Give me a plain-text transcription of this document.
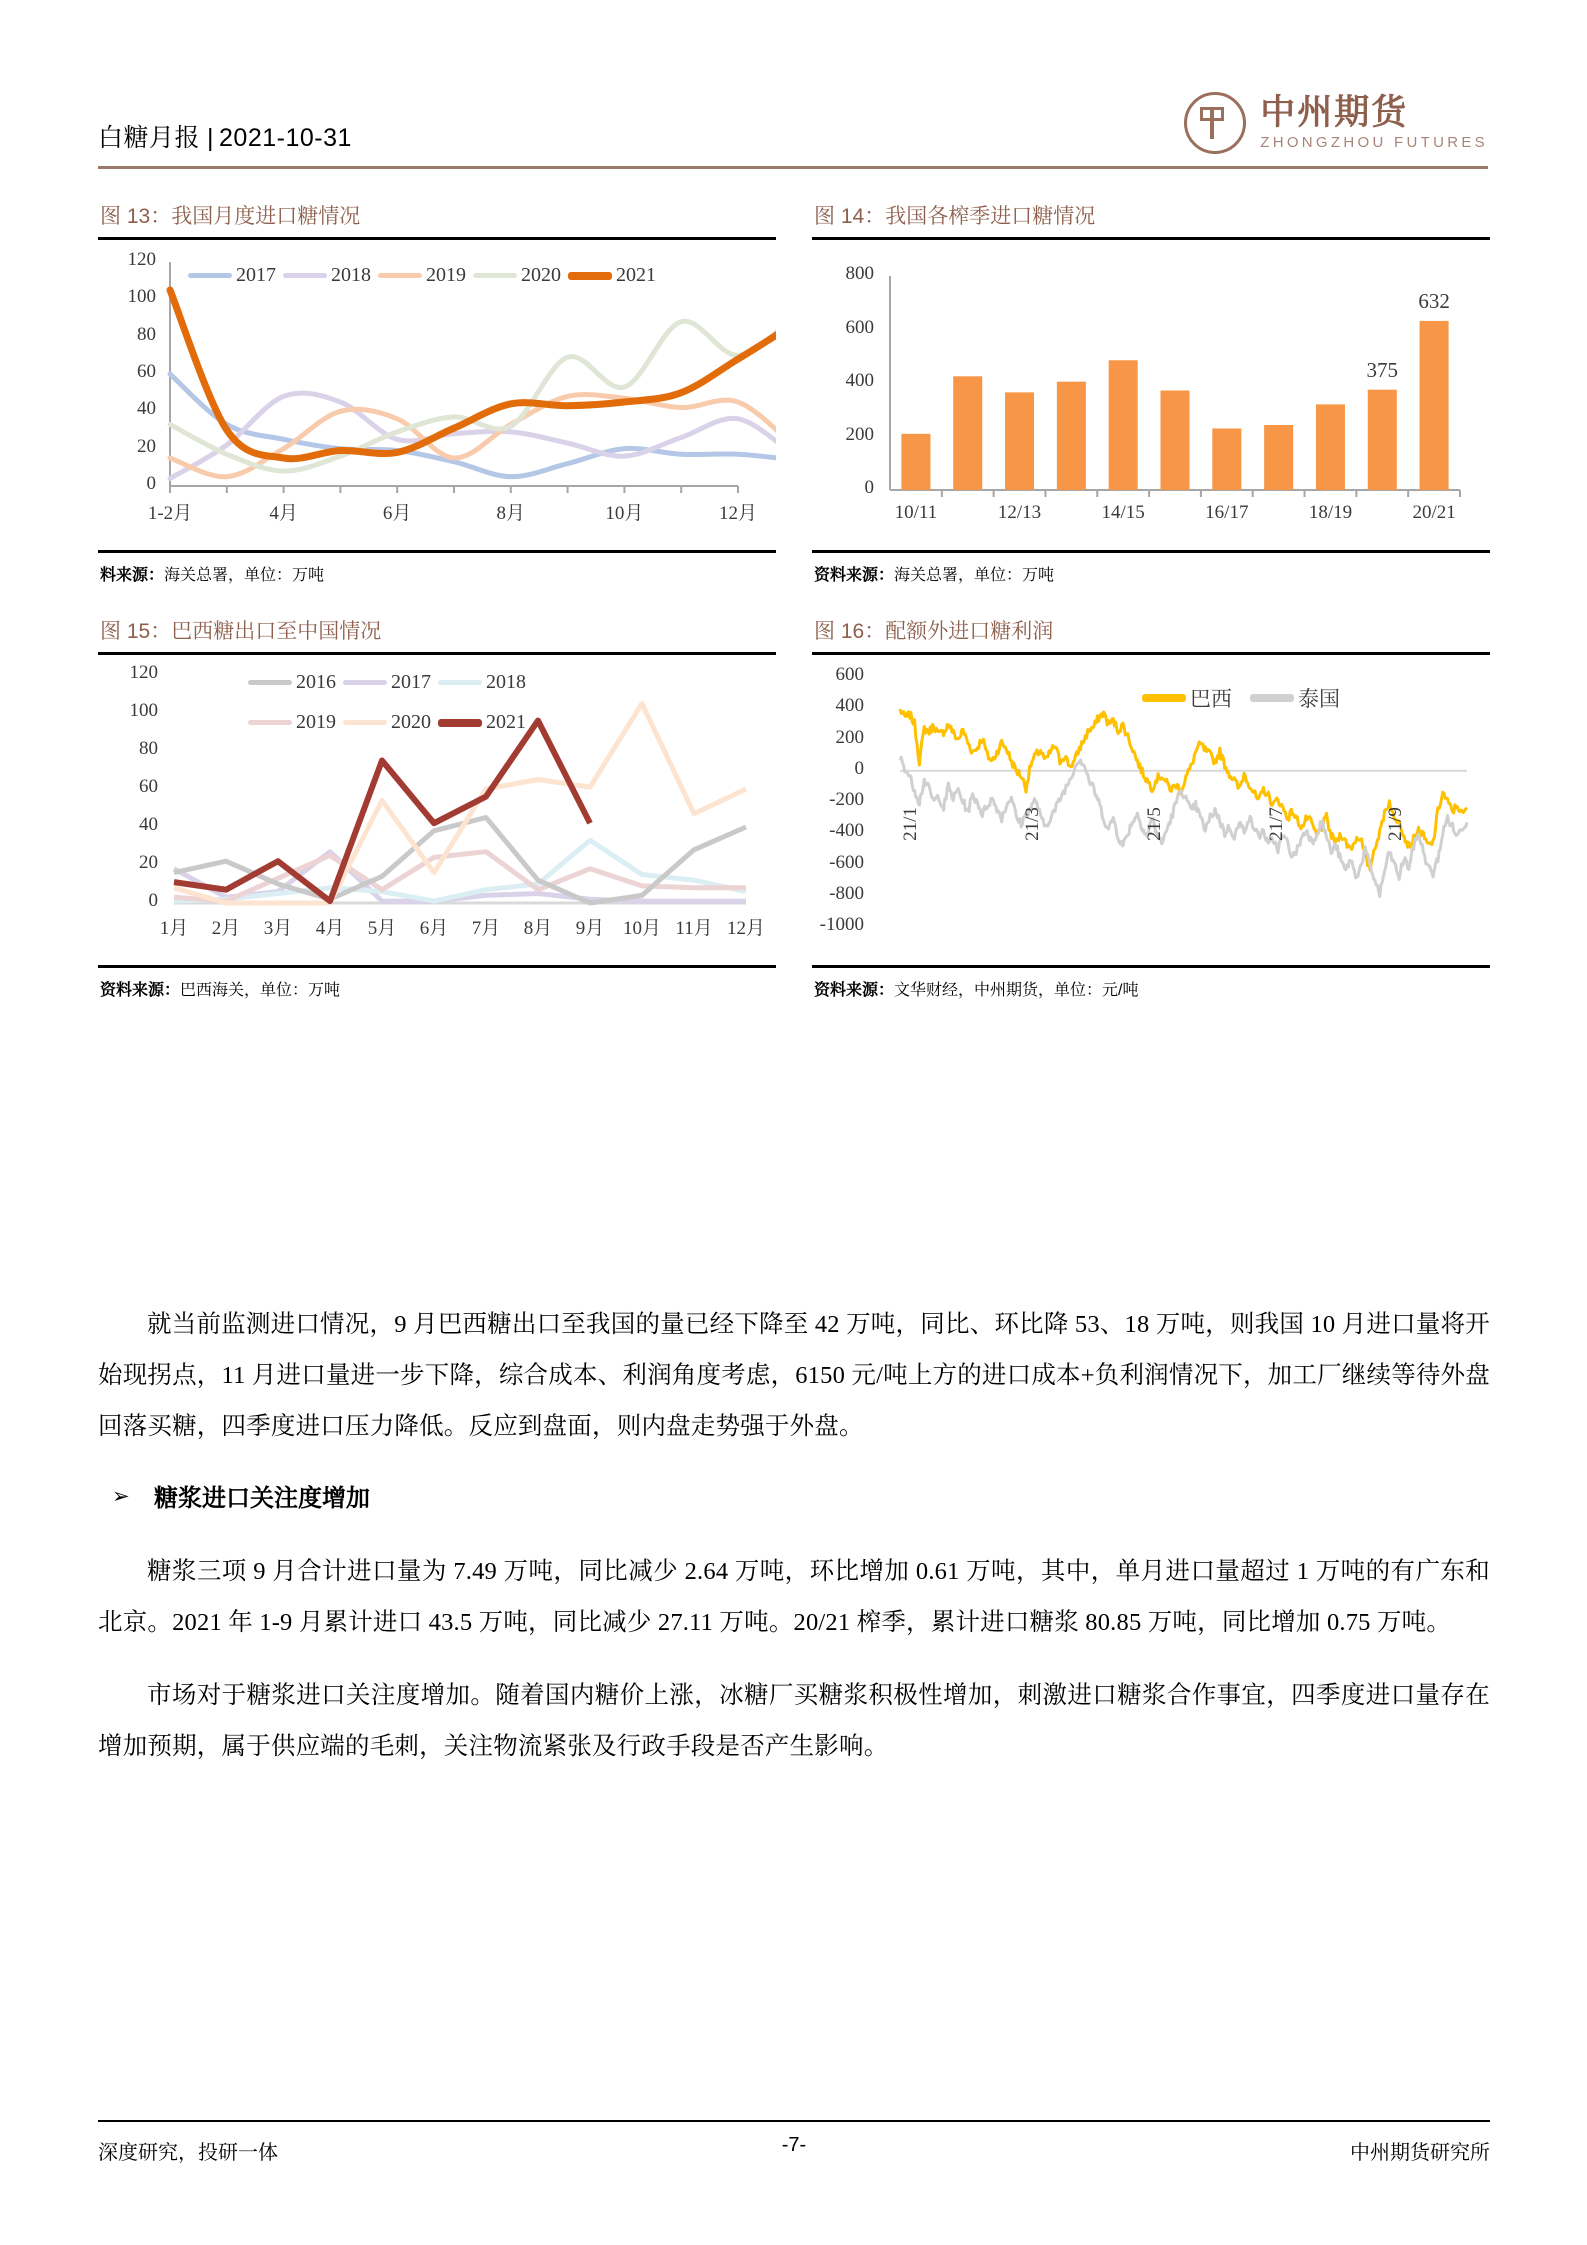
白糖月报 | 2021-10-31
中州期货
ZHONGZHOU FUTURES
图 13：我国月度进口糖情况
120
100
80
60
40
20
0
1-2月	4月	6月	8月	10月	12月
2017	2018	2019	2020	2021
料来源：海关总署，单位：万吨
图 14：我国各榨季进口糖情况
800
600
400
200
0
10/11	12/13	14/15	16/17	18/19	20/21
375
632
资料来源：海关总署，单位：万吨
图 15：巴西糖出口至中国情况
120
100
80
60
40
20
0
1月	2月	3月	4月	5月	6月	7月	8月	9月 10月 11月 12月
2016	2017	2018
2019	2020	2021
资料来源：巴西海关，单位：万吨
图 16：配额外进口糖利润
600
400
200
0
-200
-400
-600
-800
-1000
21/1	21/3	21/5	21/7	21/9
巴西	泰国
资料来源：文华财经，中州期货，单位：元/吨

就当前监测进口情况，9 月巴西糖出口至我国的量已经下降至 42 万吨，同比、环比降 53、18 万吨，则我国 10 月进口量将开始现拐点，11 月进口量进一步下降，综合成本、利润角度考虑，6150 元/吨上方的进口成本+负利润情况下，加工厂继续等待外盘回落买糖，四季度进口压力降低。反应到盘面，则内盘走势强于外盘。

➢ 糖浆进口关注度增加

糖浆三项 9 月合计进口量为 7.49 万吨，同比减少 2.64 万吨，环比增加 0.61 万吨，其中，单月进口量超过 1 万吨的有广东和北京。2021 年 1-9 月累计进口 43.5 万吨，同比减少 27.11 万吨。20/21 榨季，累计进口糖浆 80.85 万吨，同比增加 0.75 万吨。

市场对于糖浆进口关注度增加。随着国内糖价上涨，冰糖厂买糖浆积极性增加，刺激进口糖浆合作事宜，四季度进口量存在增加预期，属于供应端的毛刺，关注物流紧张及行政手段是否产生影响。

深度研究，投研一体	-7-	中州期货研究所
